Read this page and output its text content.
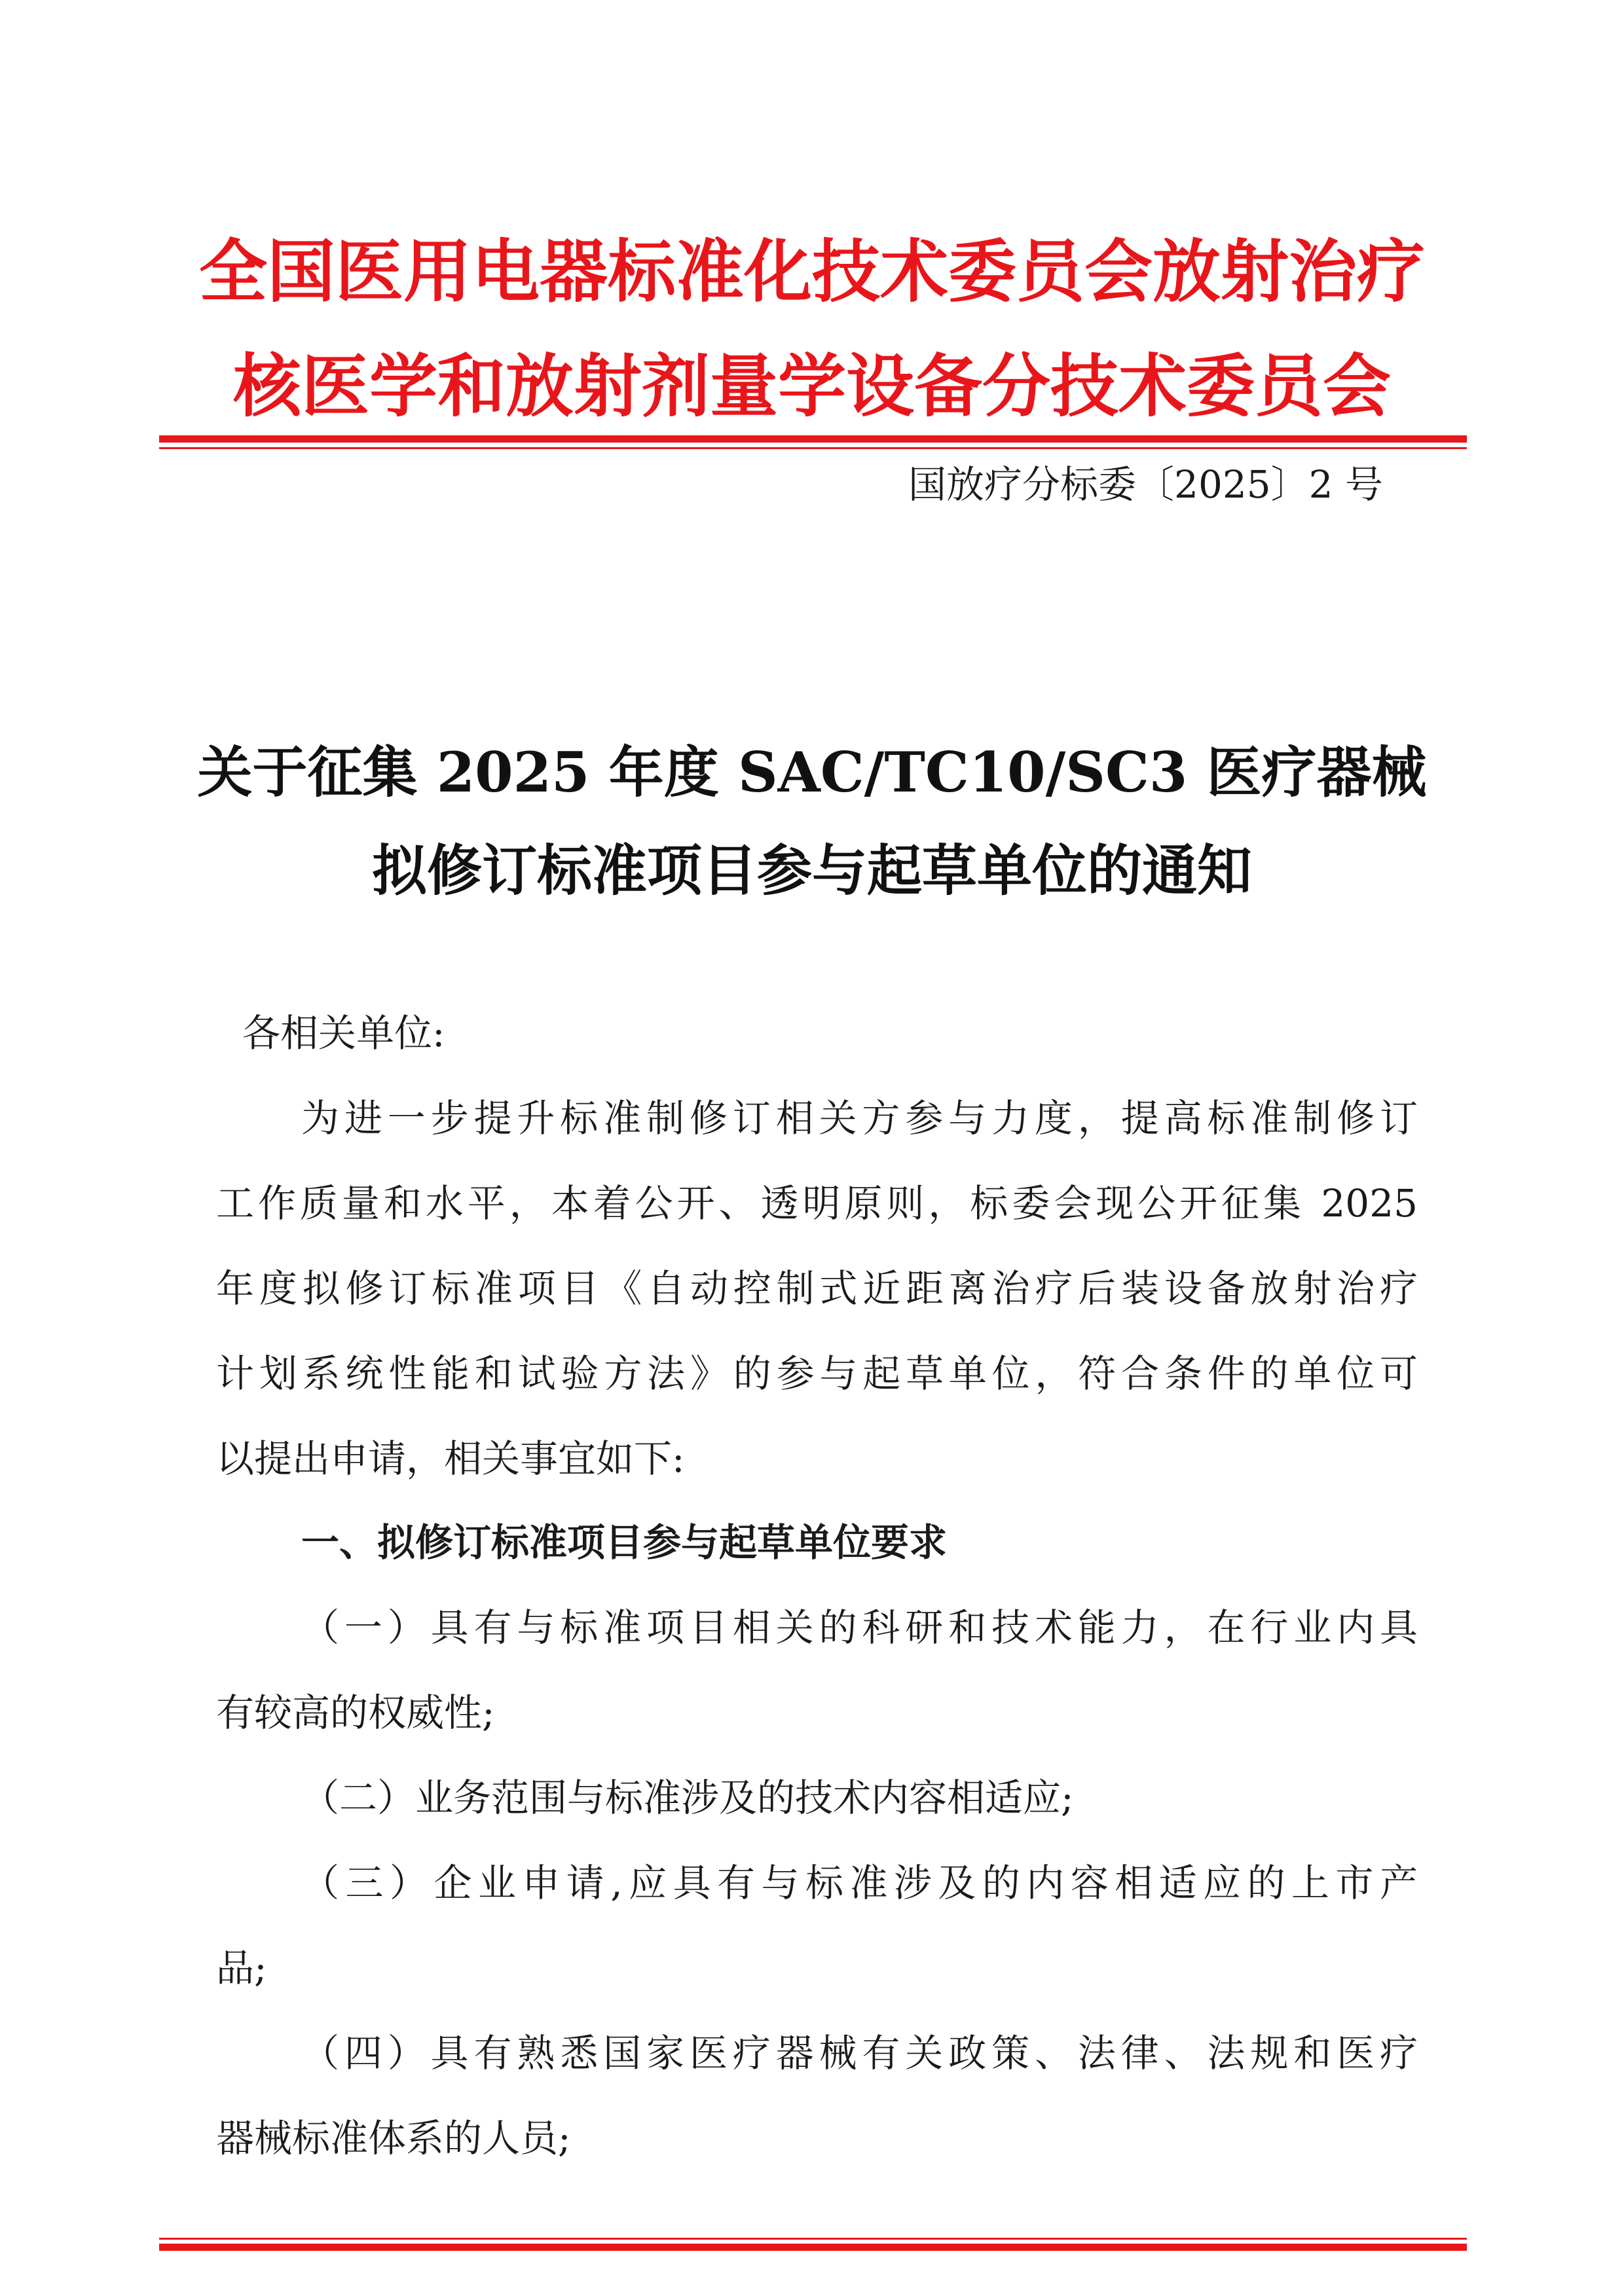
全国医用电器标准化技术委员会放射治疗
核医学和放射剂量学设备分技术委员会
国放疗分标委〔2025〕2 号
关于征集 2025 年度 SAC/TC10/SC3 医疗器械
拟修订标准项目参与起草单位的通知
各相关单位:
为进一步提升标准制修订相关方参与力度，提高标准制修订
工作质量和水平，本着公开、透明原则，标委会现公开征集 2025
年度拟修订标准项目《自动控制式近距离治疗后装设备放射治疗
计划系统性能和试验方法》的参与起草单位，符合条件的单位可
以提出申请，相关事宜如下:
一、拟修订标准项目参与起草单位要求
（一）具有与标准项目相关的科研和技术能力，在行业内具
有较高的权威性;
（二）业务范围与标准涉及的技术内容相适应;
（三）企业申请,应具有与标准涉及的内容相适应的上市产
品;
（四）具有熟悉国家医疗器械有关政策、法律、法规和医疗
器械标准体系的人员;
